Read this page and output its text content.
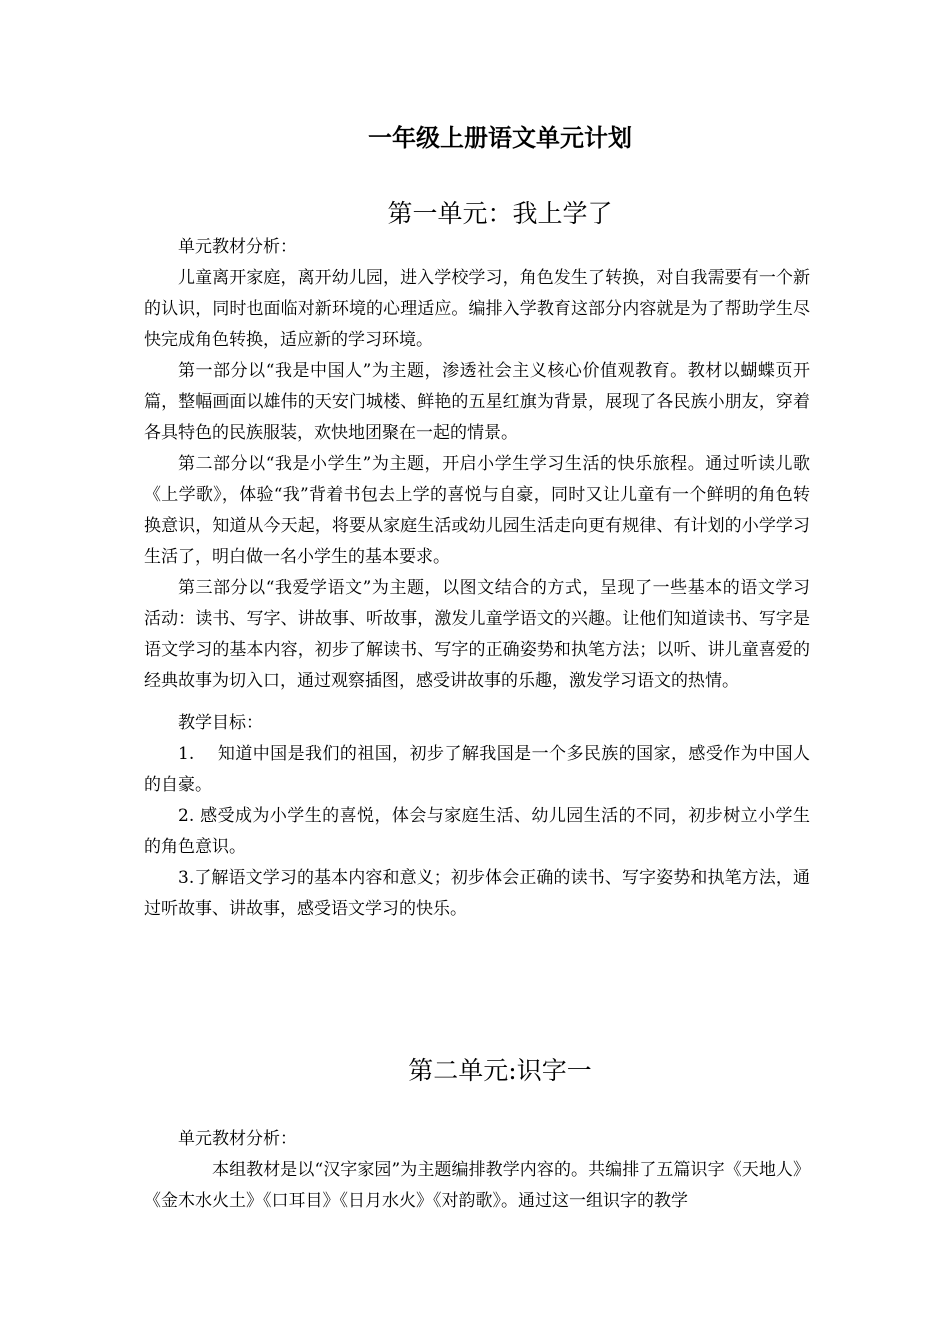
一年级上册语文单元计划
第一单元：我上学了

单元教材分析：

儿童离开家庭，离开幼儿园，进入学校学习，角色发生了转换，对自我需要有一个新 的认识，同时也面临对新环境的心理适应。编排入学教育这部分内容就是为了帮助学生尽 快完成角色转换，适应新的学习环境。

第一部分以“我是中国人”为主题，渗透社会主义核心价值观教育。教材以蝴蝶页开篇，整幅画面以雄伟的天安门城楼、鲜艳的五星红旗为背景，展现了各民族小朋友，穿着各具特色的民族服装，欢快地团聚在一起的情景。

第二部分以“我是小学生”为主题，开启小学生学习生活的快乐旅程。通过听读儿歌 《上学歌》，体验“我”背着书包去上学的喜悦与自豪，同时又让儿童有一个鲜明的角色转 换意识，知道从今天起，将要从家庭生活或幼儿园生活走向更有规律、有计划的小学学习生活了，明白做一名小学生的基本要求。

第三部分以“我爱学语文”为主题，以图文结合的方式，呈现了一些基本的语文学习 活动：读书、写字、讲故事、听故事，激发儿童学语文的兴趣。让他们知道读书、写字是 语文学习的基本内容，初步了解读书、写字的正确姿势和执笔方法；以听、讲儿童喜爱的 经典故事为切入口，通过观察插图，感受讲故事的乐趣，激发学习语文的热情。

教学目标：

1.　 知道中国是我们的祖国，初步了解我国是一个多民族的国家，感受作为中国人的自豪。

2. 感受成为小学生的喜悦，体会与家庭生活、幼儿园生活的不同，初步树立小学生的角色意识。

3.了解语文学习的基本内容和意义；初步体会正确的读书、写字姿势和执笔方法，通过听故事、讲故事，感受语文学习的快乐。

第二单元:识字一

单元教材分析：

本组教材是以“汉字家园”为主题编排教学内容的。共编排了五篇识字《天地人》《金木水火土》《口耳目》《日月水火》《对韵歌》。通过这一组识字的教学
